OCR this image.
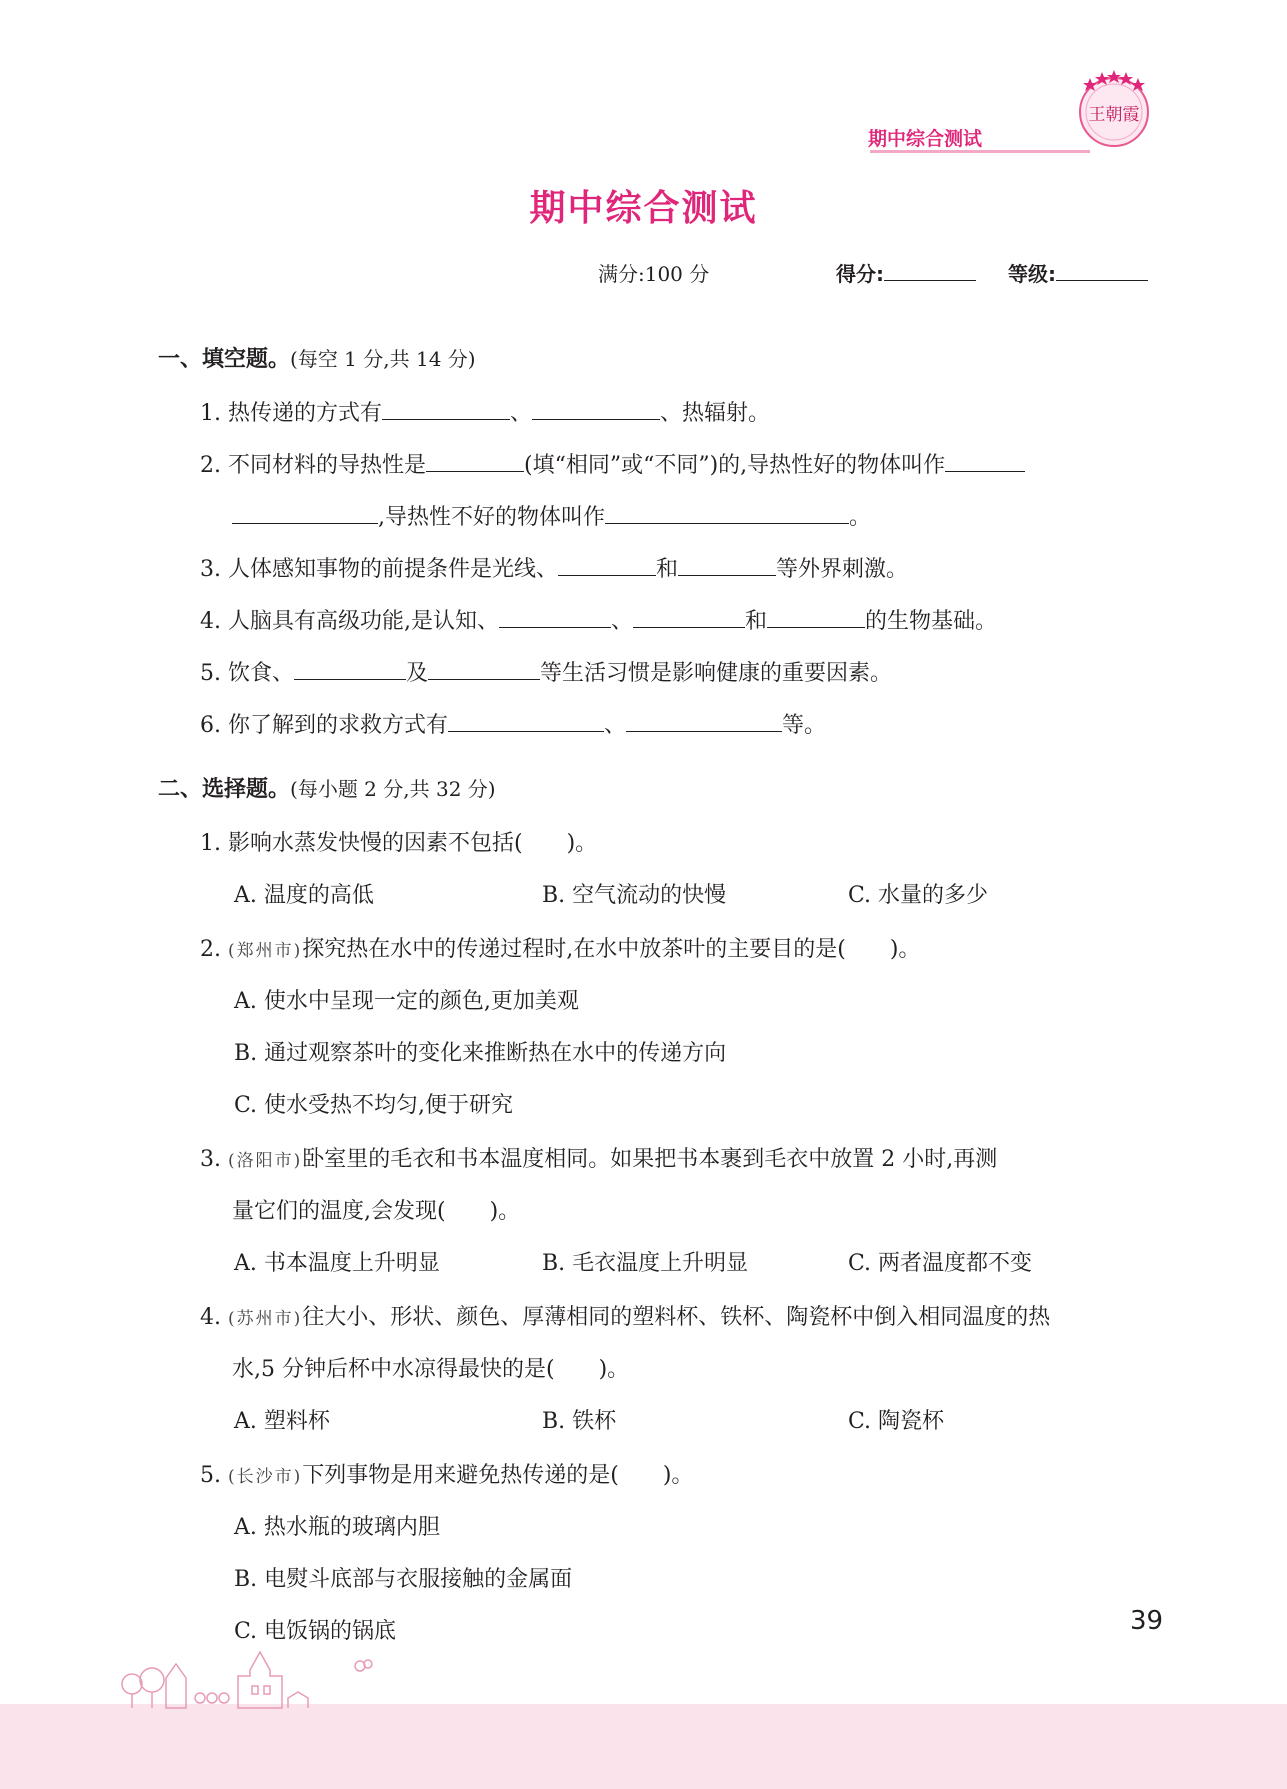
期中综合测试
王朝霞
期中综合测试
满分:100 分	得分:	等级:
一、填空题。(每空 1 分,共 14 分)
1. 热传递的方式有	、	、热辐射。
2. 不同材料的导热性是	(填“相同”或“不同”)的,导热性好的物体叫作
,导热性不好的物体叫作	。
3. 人体感知事物的前提条件是光线、	和	等外界刺激。
4. 人脑具有高级功能,是认知、	、	和	的生物基础。
5. 饮食、	及	等生活习惯是影响健康的重要因素。
6. 你了解到的求救方式有	、	等。
二、选择题。(每小题 2 分,共 32 分)
1. 影响水蒸发快慢的因素不包括(　　)。
A. 温度的高低	B. 空气流动的快慢	C. 水量的多少
2. (郑州市)探究热在水中的传递过程时,在水中放茶叶的主要目的是(　　)。
A. 使水中呈现一定的颜色,更加美观
B. 通过观察茶叶的变化来推断热在水中的传递方向
C. 使水受热不均匀,便于研究
3. (洛阳市)卧室里的毛衣和书本温度相同。如果把书本裹到毛衣中放置 2 小时,再测
量它们的温度,会发现(　　)。
A. 书本温度上升明显	B. 毛衣温度上升明显	C. 两者温度都不变
4. (苏州市)往大小、形状、颜色、厚薄相同的塑料杯、铁杯、陶瓷杯中倒入相同温度的热
水,5 分钟后杯中水凉得最快的是(　　)。
A. 塑料杯	B. 铁杯	C. 陶瓷杯
5. (长沙市)下列事物是用来避免热传递的是(　　)。
A. 热水瓶的玻璃内胆
B. 电熨斗底部与衣服接触的金属面
C. 电饭锅的锅底	39
